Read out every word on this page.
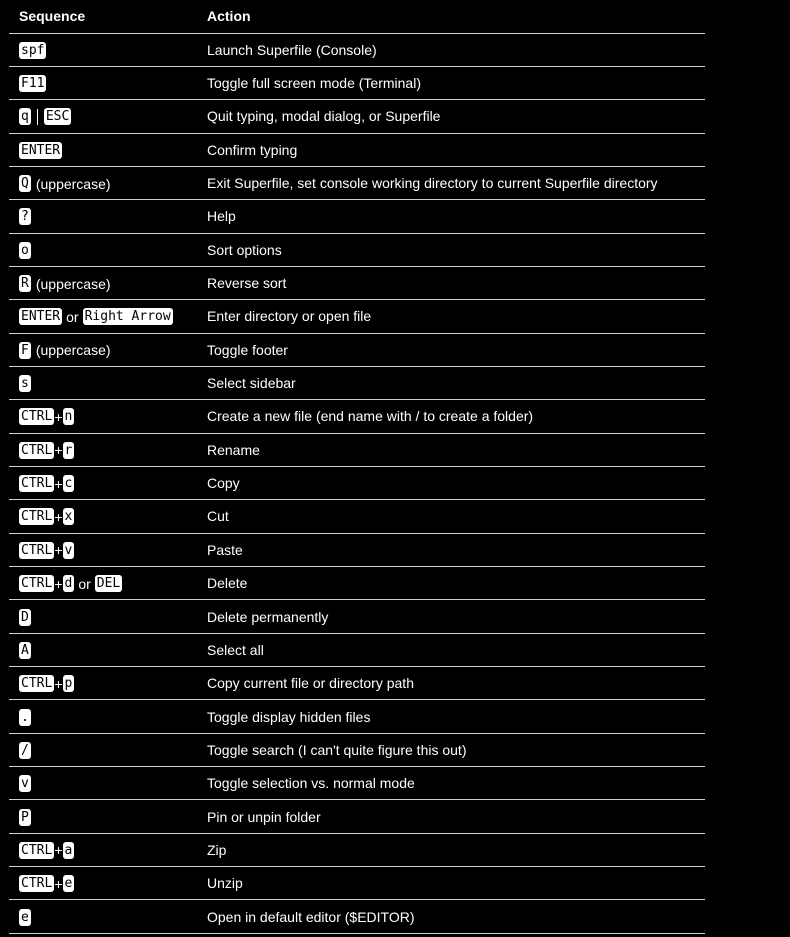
Sequence	Action

spf	Launch Superfile (Console)

F11	Toggle full screen mode (Terminal)

q ESC	Quit typing, modal dialog, or Superfile

ENTER	Confirm typing

Q (uppercase)	Exit Superfile, set console working directory to current Superfile directory

?	Help

o	Sort options

R (uppercase)	Reverse sort

ENTER or Right Arrow	Enter directory or open file

F (uppercase)	Toggle footer

s	Select sidebar

CTRL + n	Create a new file (end name with / to create a folder)

CTRL + r	Rename

CTRL + c	Copy

CTRL + x	Cut

CTRL + v	Paste

CTRL + d or DEL	Delete

D	Delete permanently

A	Select all

CTRL + p	Copy current file or directory path

.	Toggle display hidden files

/	Toggle search (I can't quite figure this out)

v	Toggle selection vs. normal mode

P	Pin or unpin folder

CTRL + a	Zip

CTRL + e	Unzip

e	Open in default editor ($EDITOR)
